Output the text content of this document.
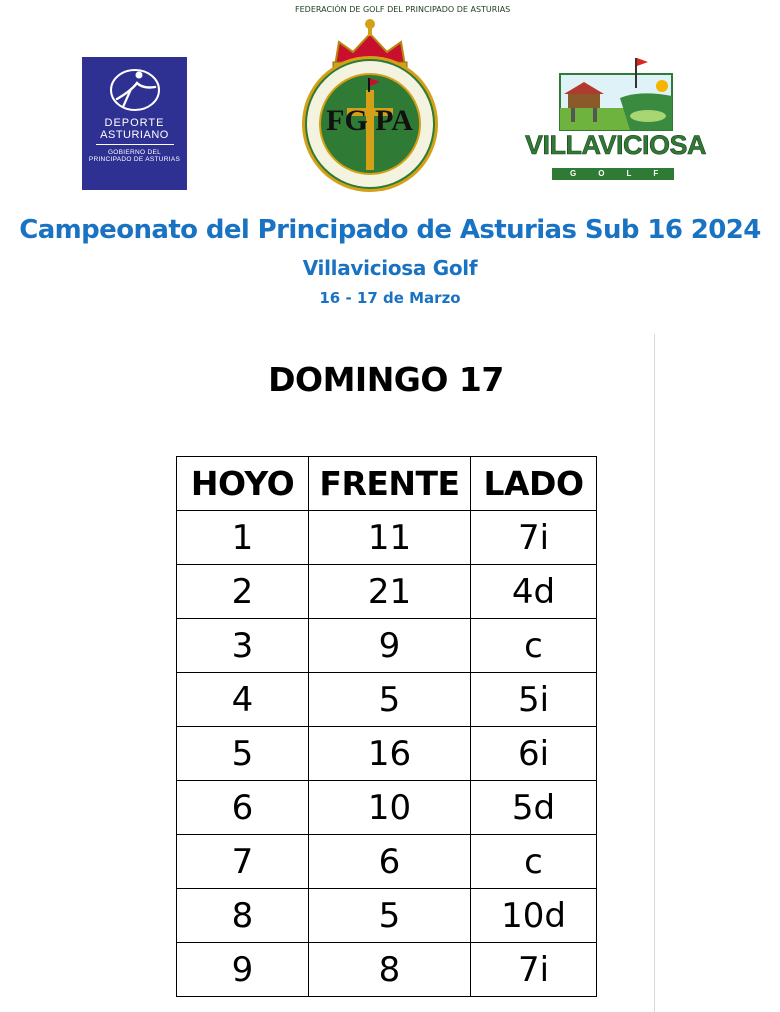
DEPORTE
ASTURIANO
GOBIERNO DEL
PRINCIPADO DE ASTURIAS
FG PA
FEDERACIÓN DE GOLF DEL PRINCIPADO DE ASTURIAS
VILLAVICIOSA
GOLF
Campeonato del Principado de Asturias Sub 16 2024
Villaviciosa Golf
16 - 17 de Marzo
DOMINGO 17
HOYO	FRENTE	LADO
1	11	7i
2	21	4d
3	9	c
4	5	5i
5	16	6i
6	10	5d
7	6	c
8	5	10d
9	8	7i
